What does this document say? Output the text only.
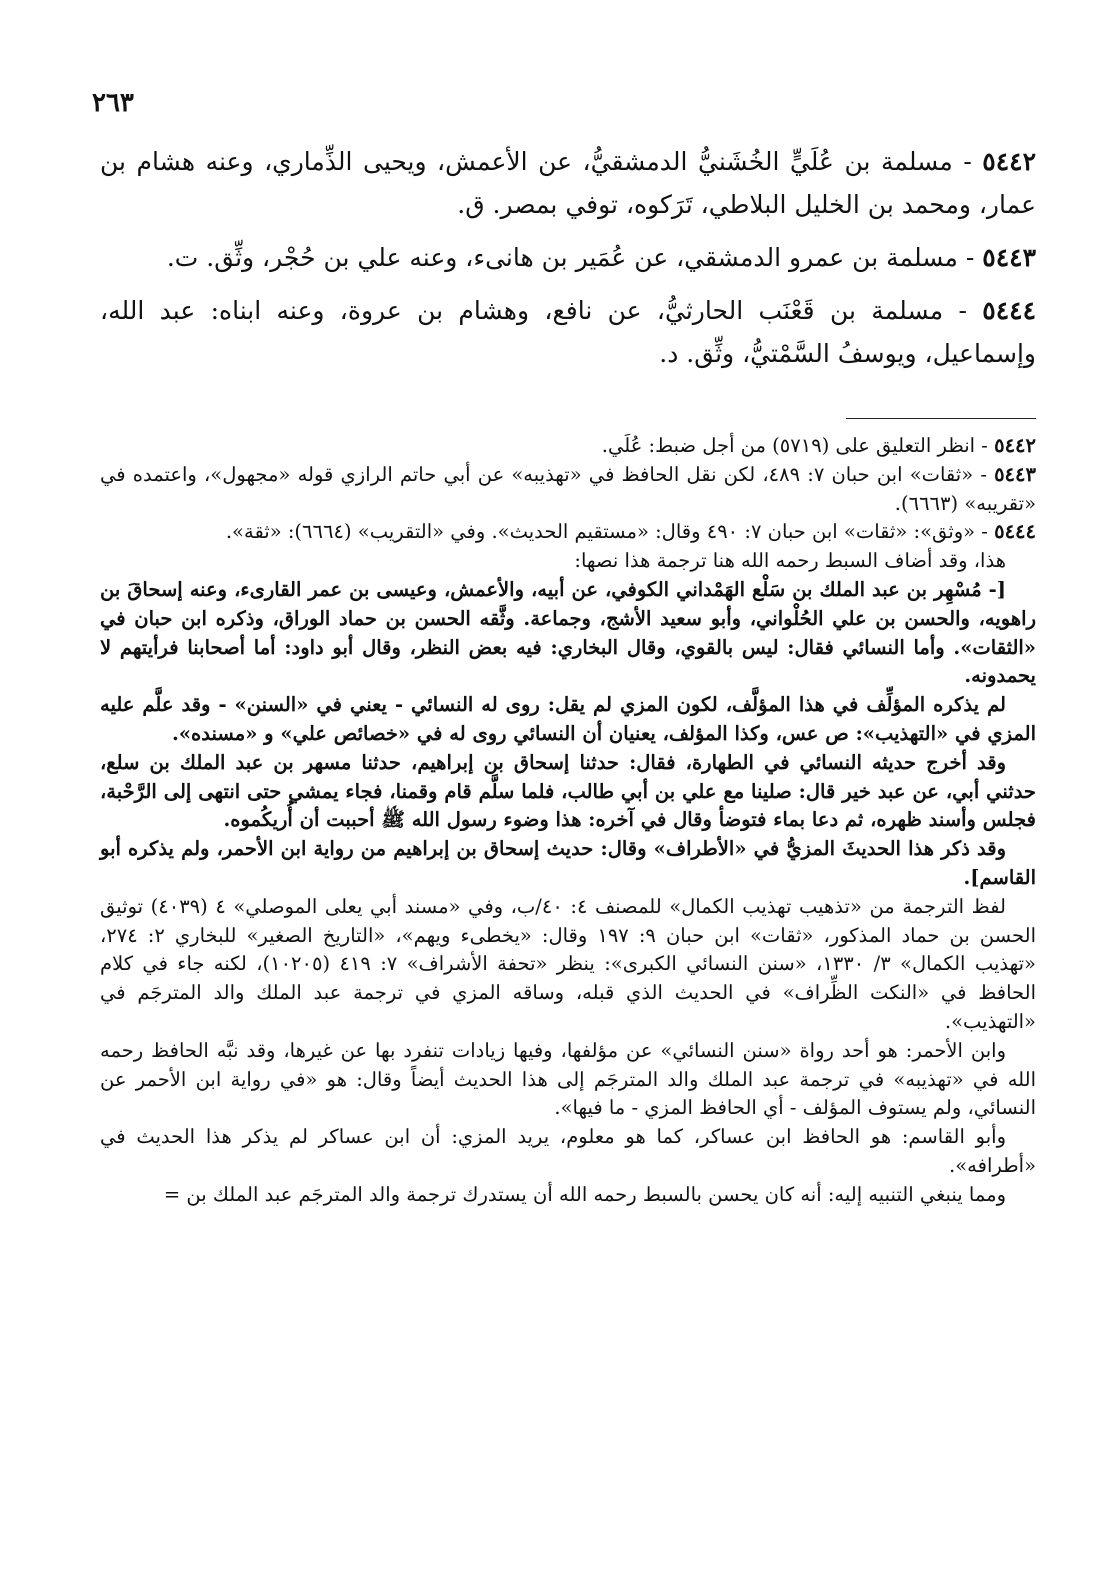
٢٦٣

٥٤٤٢ - مسلمة بن عُلَيٍّ الخُشَنيُّ الدمشقيُّ، عن الأعمش، ويحيى الذِّماري، وعنه هشام بن عمار، ومحمد بن الخليل البلاطي، تَرَكوه، توفي بمصر. ق.

٥٤٤٣ - مسلمة بن عمرو الدمشقي، عن عُمَير بن هانىء، وعنه علي بن حُجْر، وثِّق. ت.

٥٤٤٤ - مسلمة بن قَعْنَب الحارثيُّ، عن نافع، وهشام بن عروة، وعنه ابناه: عبد الله، وإسماعيل، ويوسفُ السَّمْتيُّ، وثِّق. د.

٥٤٤٢ - انظر التعليق على (٥٧١٩) من أجل ضبط: عُلَي.

٥٤٤٣ - «ثقات» ابن حبان ٧: ٤٨٩، لكن نقل الحافظ في «تهذيبه» عن أبي حاتم الرازي قوله «مجهول»، واعتمده في «تقريبه» (٦٦٦٣).

٥٤٤٤ - «وثق»: «ثقات» ابن حبان ٧: ٤٩٠ وقال: «مستقيم الحديث». وفي «التقريب» (٦٦٦٤): «ثقة».

هذا، وقد أضاف السبط رحمه الله هنا ترجمة هذا نصها:

[- مُسْهِر بن عبد الملك بن سَلْع الهَمْداني الكوفي، عن أبيه، والأعمش، وعيسى بن عمر القارىء، وعنه إسحاقَ بن راهويه، والحسن بن علي الحُلْواني، وأبو سعيد الأشج، وجماعة. وثَّقه الحسن بن حماد الوراق، وذكره ابن حبان في «الثقات». وأما النسائي فقال: ليس بالقوي، وقال البخاري: فيه بعض النظر، وقال أبو داود: أما أصحابنا فرأيتهم لا يحمدونه.

لم يذكره المؤلِّف في هذا المؤلَّف، لكون المزي لم يقل: روى له النسائي - يعني في «السنن» - وقد علَّم عليه المزي في «التهذيب»: ص عس، وكذا المؤلف، يعنيان أن النسائي روى له في «خصائص علي» و «مسنده».

وقد أخرج حديثه النسائي في الطهارة، فقال: حدثنا إسحاق بن إبراهيم، حدثنا مسهر بن عبد الملك بن سلع، حدثني أبي، عن عبد خير قال: صلينا مع علي بن أبي طالب، فلما سلَّم قام وقمنا، فجاء يمشي حتى انتهى إلى الرَّحْبة، فجلس وأسند ظهره، ثم دعا بماء فتوضأ وقال في آخره: هذا وضوء رسول الله ﷺ أحببت أن أُريكُموه.

وقد ذكر هذا الحديثَ المزيُّ في «الأطراف» وقال: حديث إسحاق بن إبراهيم من رواية ابن الأحمر، ولم يذكره أبو القاسم].

لفظ الترجمة من «تذهيب تهذيب الكمال» للمصنف ٤: ٤٠/ب، وفي «مسند أبي يعلى الموصلي» ٤ (٤٠٣٩) توثيق الحسن بن حماد المذكور، «ثقات» ابن حبان ٩: ١٩٧ وقال: «يخطىء ويهم»، «التاريخ الصغير» للبخاري ٢: ٢٧٤، «تهذيب الكمال» ٣/ ١٣٣٠، «سنن النسائي الكبرى»: ينظر «تحفة الأشراف» ٧: ٤١٩ (١٠٢٠٥)، لكنه جاء في كلام الحافظ في «النكت الظِّراف» في الحديث الذي قبله، وساقه المزي في ترجمة عبد الملك والد المترجَم في «التهذيب».

وابن الأحمر: هو أحد رواة «سنن النسائي» عن مؤلفها، وفيها زيادات تنفرد بها عن غيرها، وقد نبَّه الحافظ رحمه الله في «تهذيبه» في ترجمة عبد الملك والد المترجَم إلى هذا الحديث أيضاً وقال: هو «في رواية ابن الأحمر عن النسائي، ولم يستوف المؤلف - أي الحافظ المزي - ما فيها».

وأبو القاسم: هو الحافظ ابن عساكر، كما هو معلوم، يريد المزي: أن ابن عساكر لم يذكر هذا الحديث في «أطرافه».

ومما ينبغي التنبيه إليه: أنه كان يحسن بالسبط رحمه الله أن يستدرك ترجمة والد المترجَم عبد الملك بن =
